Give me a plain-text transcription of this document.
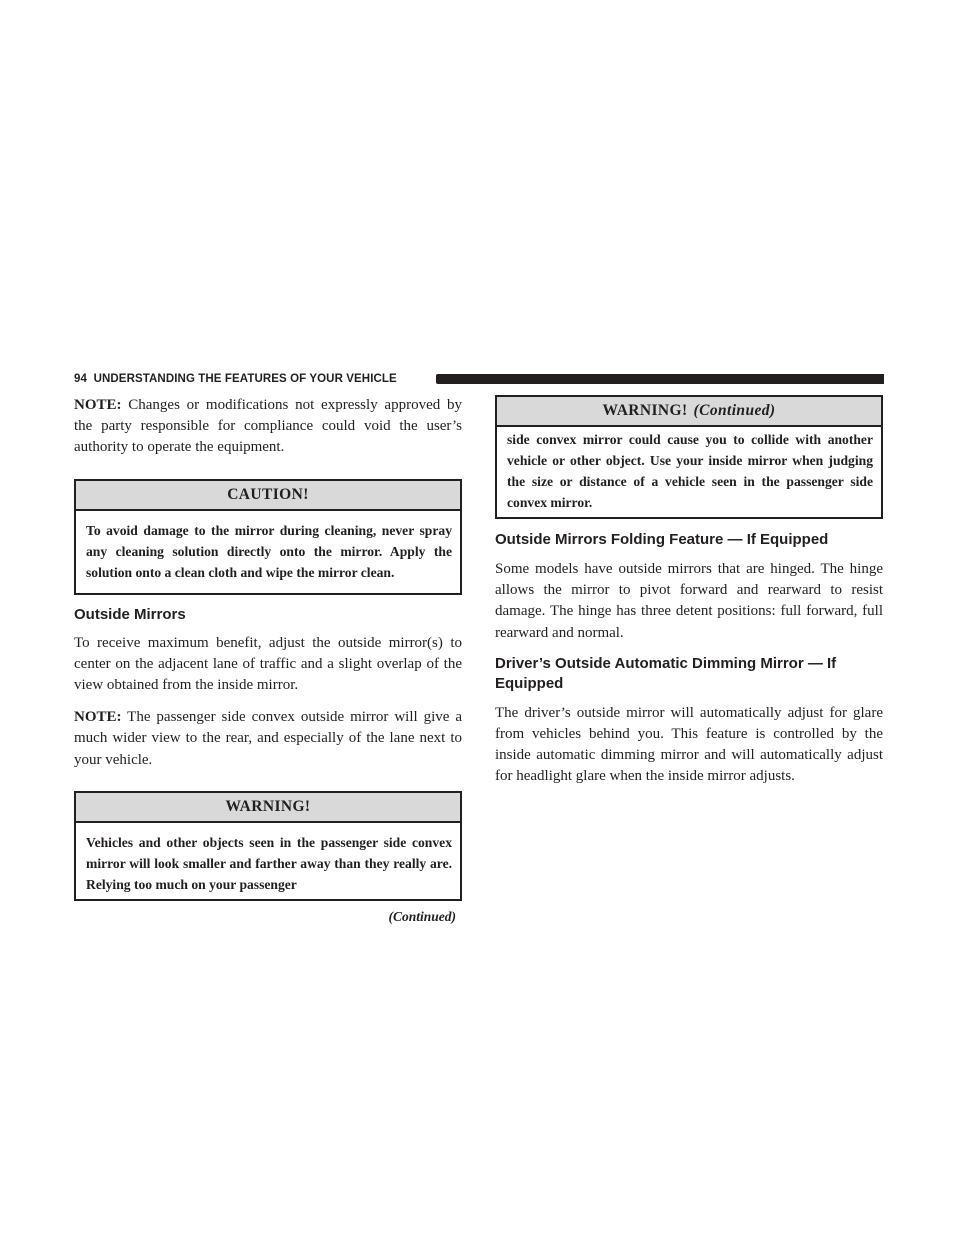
94 UNDERSTANDING THE FEATURES OF YOUR VEHICLE

NOTE: Changes or modifications not expressly approved by the party responsible for compliance could void the user’s authority to operate the equipment.

CAUTION!
To avoid damage to the mirror during cleaning, never spray any cleaning solution directly onto the mirror. Apply the solution onto a clean cloth and wipe the mirror clean.
Outside Mirrors

To receive maximum benefit, adjust the outside mirror(s) to center on the adjacent lane of traffic and a slight overlap of the view obtained from the inside mirror.

NOTE: The passenger side convex outside mirror will give a much wider view to the rear, and especially of the lane next to your vehicle.

WARNING!
Vehicles and other objects seen in the passenger side convex mirror will look smaller and farther away than they really are. Relying too much on your passenger
(Continued)
WARNING! (Continued)
side convex mirror could cause you to collide with another vehicle or other object. Use your inside mirror when judging the size or distance of a vehicle seen in the passenger side convex mirror.
Outside Mirrors Folding Feature — If Equipped

Some models have outside mirrors that are hinged. The hinge allows the mirror to pivot forward and rearward to resist damage. The hinge has three detent positions: full forward, full rearward and normal.

Driver’s Outside Automatic Dimming Mirror — If Equipped

The driver’s outside mirror will automatically adjust for glare from vehicles behind you. This feature is controlled by the inside automatic dimming mirror and will automatically adjust for headlight glare when the inside mirror adjusts.
